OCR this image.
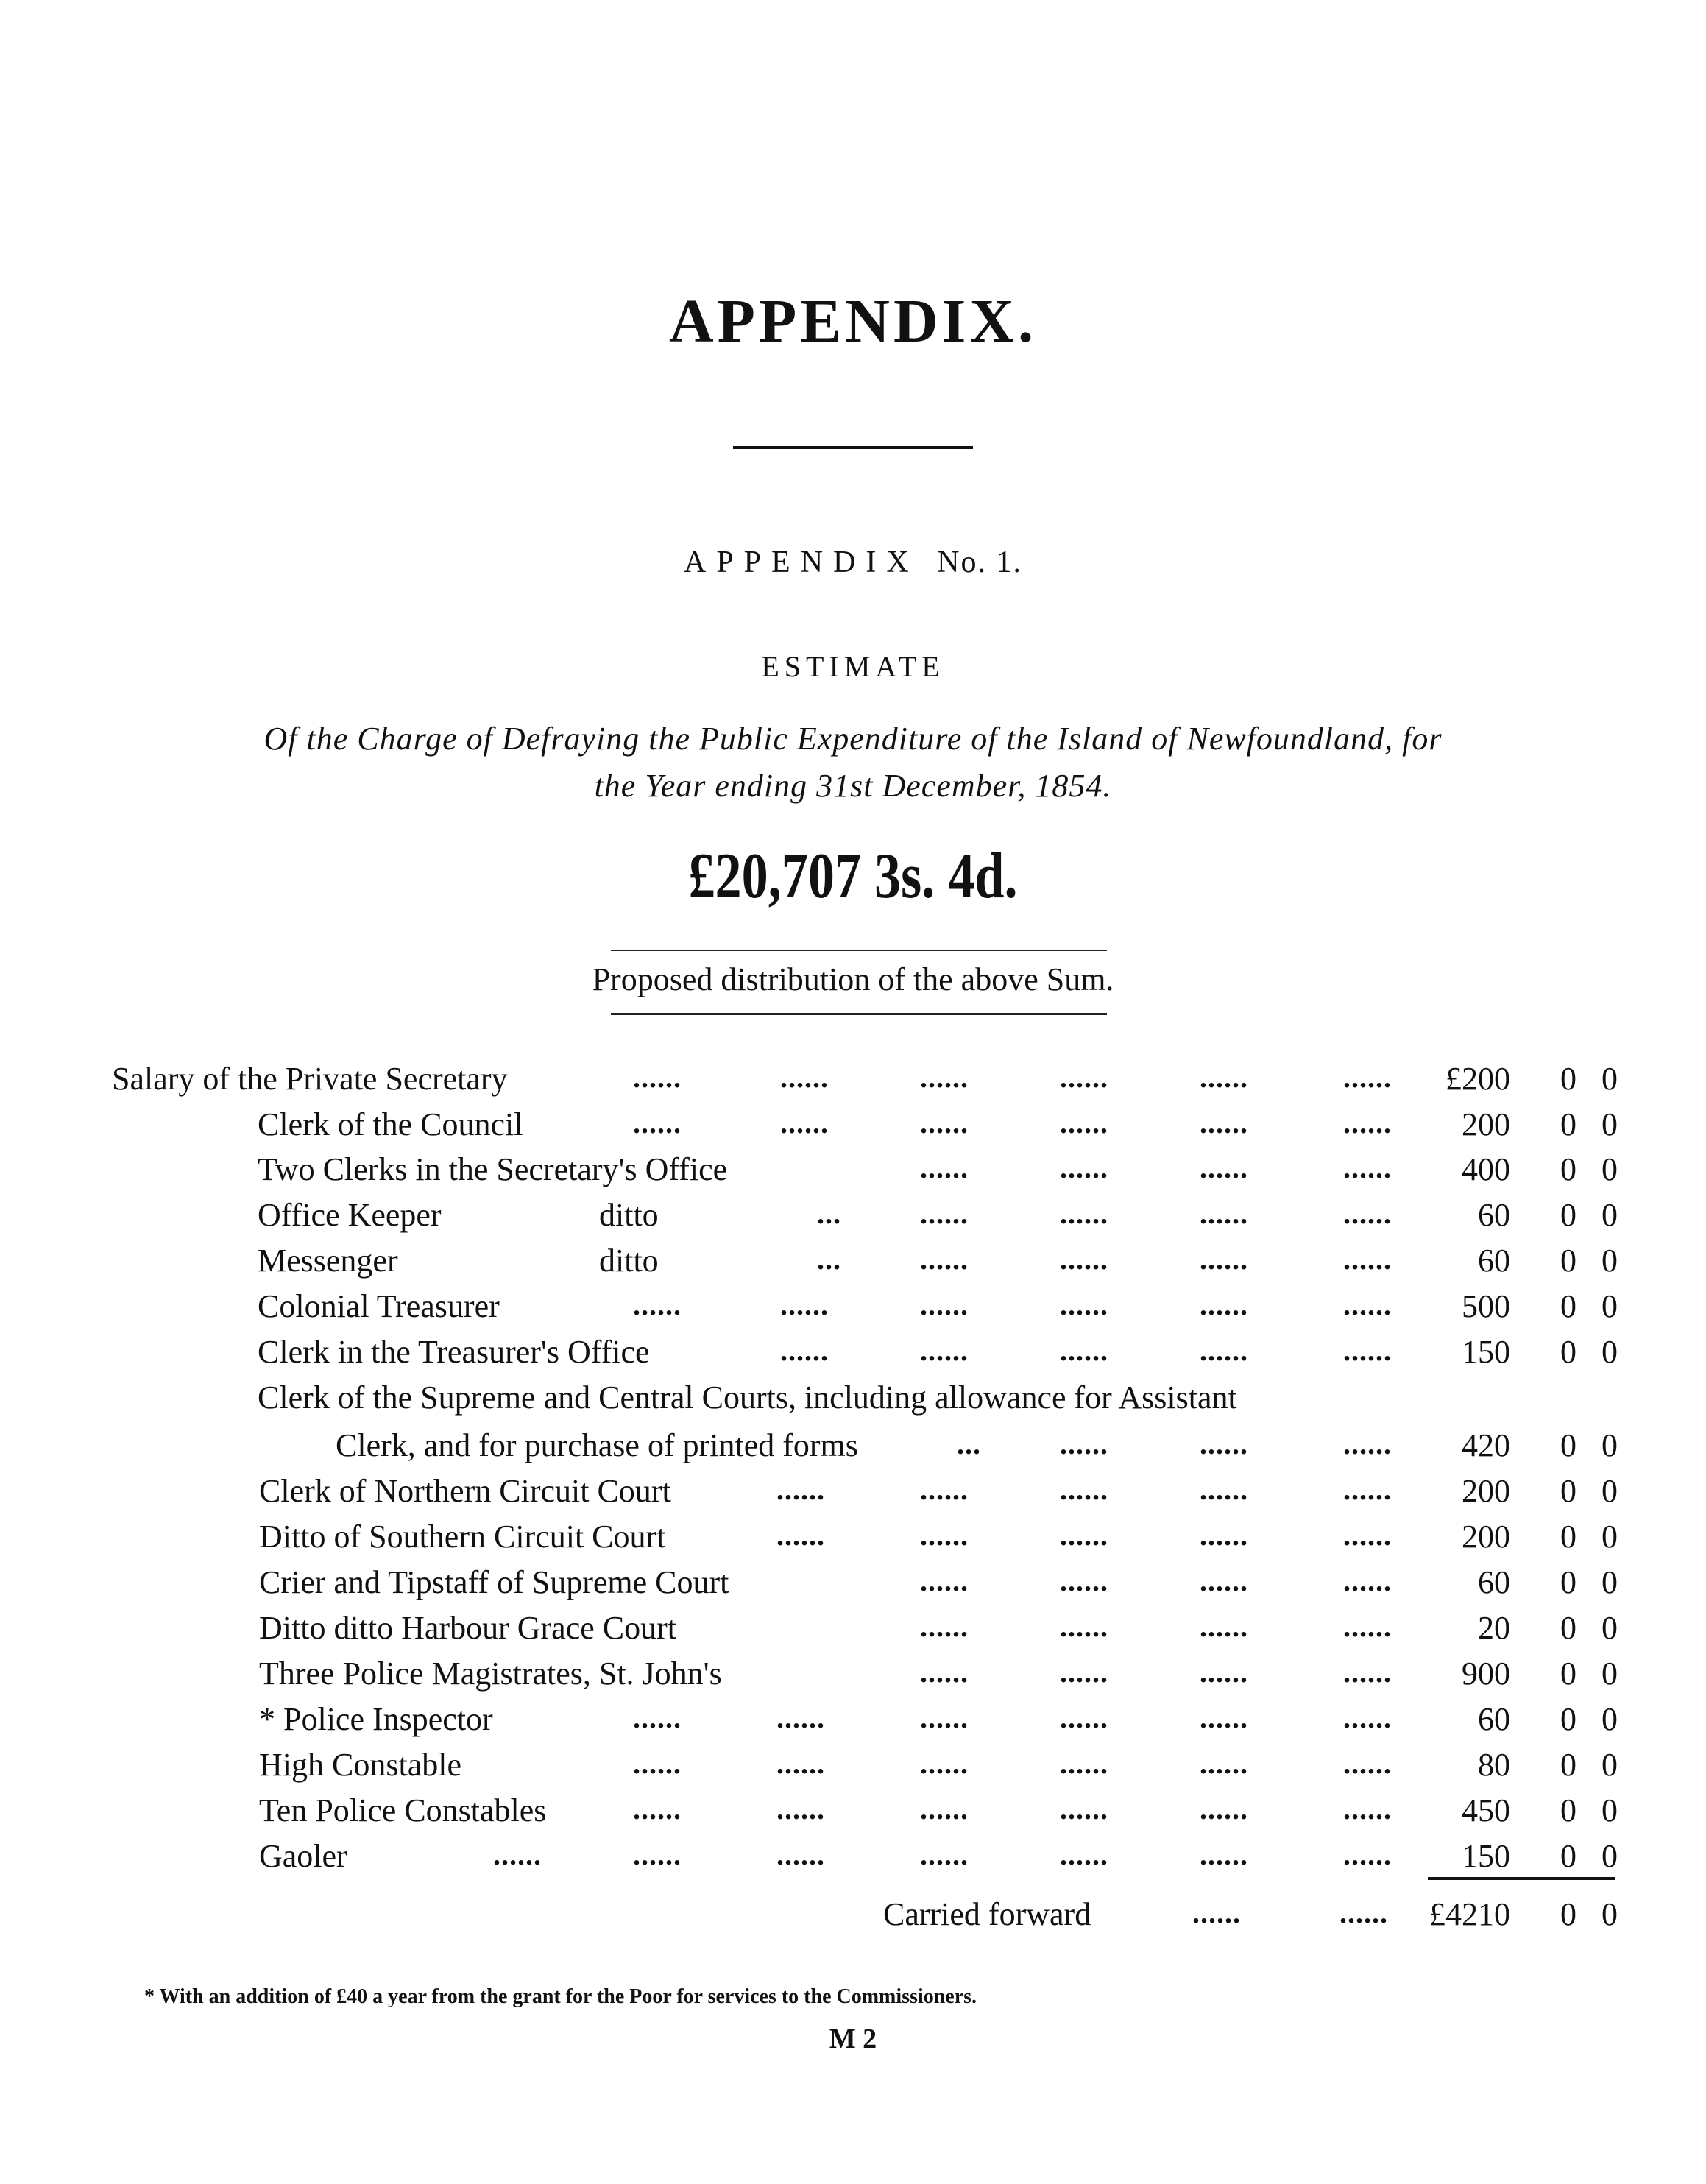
APPENDIX.
APPENDIX No. 1.
ESTIMATE
Of the Charge of Defraying the Public Expenditure of the Island of Newfoundland, for
the Year ending 31st December, 1854.
£20,707 3s. 4d.
Proposed distribution of the above Sum.
Salary of the Private Secretary	......	......	......	......	......	......	£200	0 0
Clerk of the Council	......	......	......	......	......	......	200	0 0
Two Clerks in the Secretary's Office	......	......	......	......	400	0 0
Office Keeper	ditto	...	......	......	......	......	60	0 0
Messenger	ditto	...	......	......	......	......	60	0 0
Colonial Treasurer	......	......	......	......	......	......	500	0 0
Clerk in the Treasurer's Office	......	......	......	......	......	150	0 0
Clerk of the Supreme and Central Courts, including allowance for Assistant
Clerk, and for purchase of printed forms	...	......	......	......	420	0 0
Clerk of Northern Circuit Court	......	......	......	......	......	200	0 0
Ditto of Southern Circuit Court	......	......	......	......	......	200	0 0
Crier and Tipstaff of Supreme Court	......	......	......	......	60	0 0
Ditto ditto Harbour Grace Court	......	......	......	......	20	0 0
Three Police Magistrates, St. John's	......	......	......	......	900	0 0
* Police Inspector	......	......	......	......	......	......	60	0 0
High Constable	......	......	......	......	......	......	80	0 0
Ten Police Constables	......	......	......	......	......	......	450	0 0
Gaoler	......	......	......	......	......	......	......	150	0 0
Carried forward	......	......	£4210	0 0
* With an addition of £40 a year from the grant for the Poor for services to the Commissioners.
M 2
